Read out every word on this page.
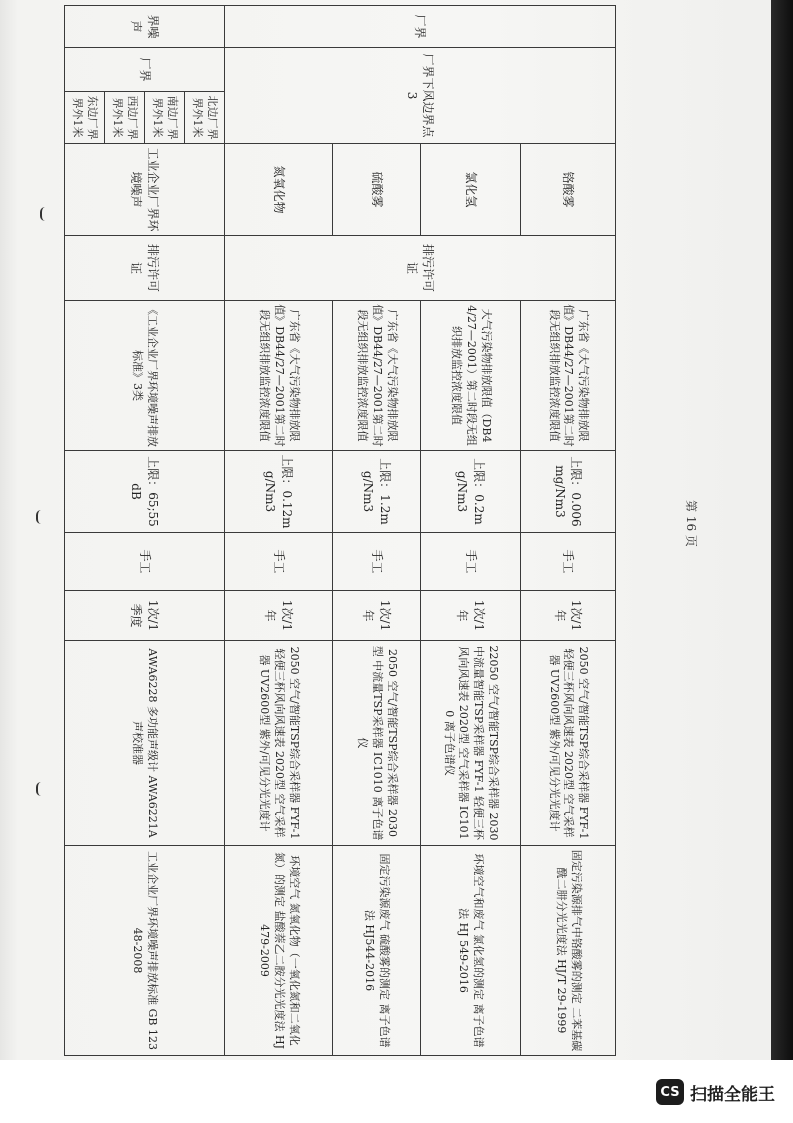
厂界	厂界下风边界点3		铬酸雾	排污许可证	广东省《大气污染物排放限值》DB44/27—2001第二时段无组织排放监控浓度限值	上限：0.006mg/Nm3	手工	1次/1年	2050 空气/智能TSP综合采样器 FYF-1 轻便三杯风向风速表 2020型 空气采样器 UV2600型 紫外/可见分光光度计	固定污染源排气中铬酸雾的测定 二苯基碳酰二肼分光光度法 HJ/T 29-1999
			氯化氢		大气污染物排放限值（DB44/27—2001）第二时段无组织排放监控浓度限值	上限：0.2mg/Nm3	手工	1次/1年	22050 空气/智能TSP综合采样器 2030 中流量智能TSP采样器 FYF-1 轻便三杯风向风速表 2020型 空气采样器 IC1010 离子色谱仪	环境空气和废气 氯化氢的测定 离子色谱法 HJ 549-2016
			硫酸雾		广东省《大气污染物排放限值》DB44/27—2001第二时段无组织排放监控浓度限值	上限：1.2mg/Nm3	手工	1次/1年	2050 空气/智能TSP综合采样器 2030型 中流量TSP采样器 IC1010 离子色谱仪	固定污染源废气 硫酸雾的测定 离子色谱法 HJ544-2016
			氮氧化物		广东省《大气污染物排放限值》DB44/27—2001第二时段无组织排放监控浓度限值	上限：0.12mg/Nm3	手工	1次/1年	2050 空气/智能TSP综合采样器 FYF-1 轻便三杯风向风速表 2020型 空气采样器 UV2600型 紫外/可见分光光度计	环境空气 氮氧化物（一氧化氮和二氧化氮）的测定 盐酸萘乙二胺分光光度法 HJ 479-2009
界噪声	厂界	北边厂界界外1米	工业企业厂界环境噪声	排污许可证	《工业企业厂界环境噪声排放标准》3类	上限：65;55dB	手工	1次/1季度	AWA6228 多功能声级计 AWA6221A 声校准器	工业企业厂界环境噪声排放标准 GB 12348-2008
		南边厂界界外1米								
		西边厂界界外1米								
		东边厂界界外1米								
第 16 页
CS 扫描全能王
